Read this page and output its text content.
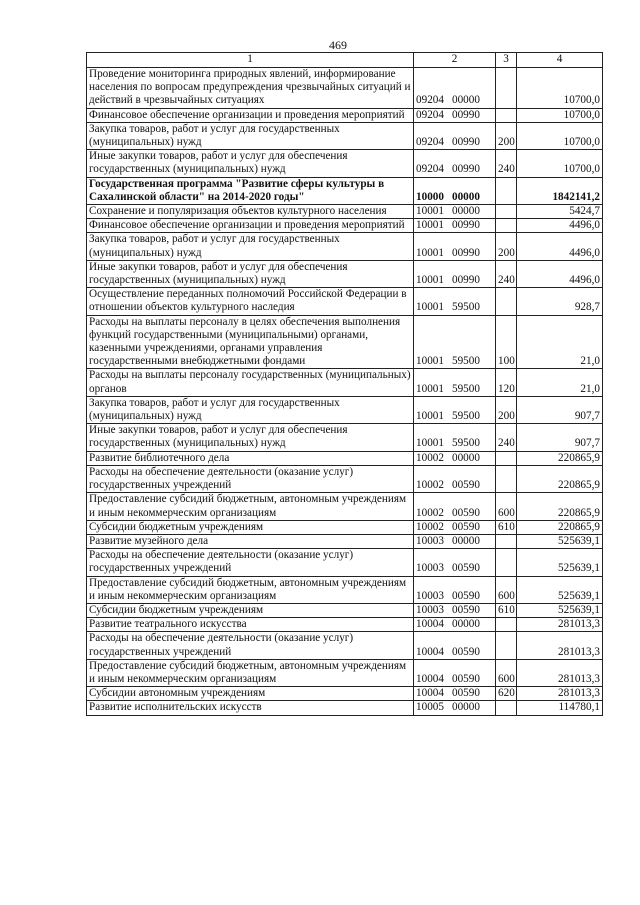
469
1	2	3	4
Проведение мониторинга природных явлений, информирование населения по вопросам предупреждения чрезвычайных ситуаций и действий в чрезвычайных ситуациях	09204 00000		10700,0
Финансовое обеспечение организации и проведения мероприятий	09204 00990		10700,0
Закупка товаров, работ и услуг для государственных (муниципальных) нужд	09204 00990	200	10700,0
Иные закупки товаров, работ и услуг для обеспечения государственных (муниципальных) нужд	09204 00990	240	10700,0
Государственная программа "Развитие сферы культуры в Сахалинской области" на 2014-2020 годы"	10000 00000		1842141,2
Сохранение и популяризация объектов культурного населения	10001 00000		5424,7
Финансовое обеспечение организации и проведения мероприятий	10001 00990		4496,0
Закупка товаров, работ и услуг для государственных (муниципальных) нужд	10001 00990	200	4496,0
Иные закупки товаров, работ и услуг для обеспечения государственных (муниципальных) нужд	10001 00990	240	4496,0
Осуществление переданных полномочий Российской Федерации в отношении объектов культурного наследия	10001 59500		928,7
Расходы на выплаты персоналу в целях обеспечения выполнения функций государственными (муниципальными) органами, казенными учреждениями, органами управления государственными внебюджетными фондами	10001 59500	100	21,0
Расходы на выплаты персоналу государственных (муниципальных) органов	10001 59500	120	21,0
Закупка товаров, работ и услуг для государственных (муниципальных) нужд	10001 59500	200	907,7
Иные закупки товаров, работ и услуг для обеспечения государственных (муниципальных) нужд	10001 59500	240	907,7
Развитие библиотечного дела	10002 00000		220865,9
Расходы на обеспечение деятельности (оказание услуг) государственных учреждений	10002 00590		220865,9
Предоставление субсидий бюджетным, автономным учреждениям и иным некоммерческим организациям	10002 00590	600	220865,9
Субсидии бюджетным учреждениям	10002 00590	610	220865,9
Развитие музейного дела	10003 00000		525639,1
Расходы на обеспечение деятельности (оказание услуг) государственных учреждений	10003 00590		525639,1
Предоставление субсидий бюджетным, автономным учреждениям и иным некоммерческим организациям	10003 00590	600	525639,1
Субсидии бюджетным учреждениям	10003 00590	610	525639,1
Развитие театрального искусства	10004 00000		281013,3
Расходы на обеспечение деятельности (оказание услуг) государственных учреждений	10004 00590		281013,3
Предоставление субсидий бюджетным, автономным учреждениям и иным некоммерческим организациям	10004 00590	600	281013,3
Субсидии автономным учреждениям	10004 00590	620	281013,3
Развитие исполнительских искусств	10005 00000		114780,1
